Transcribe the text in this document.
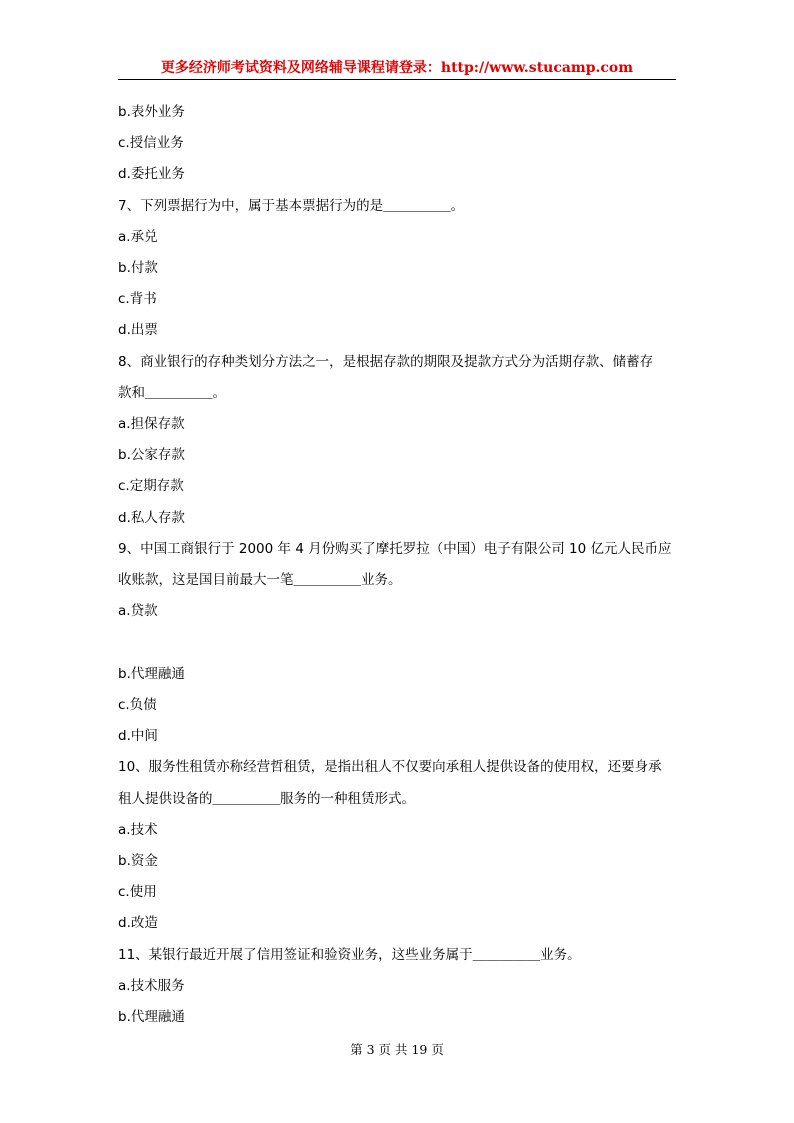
更多经济师考试资料及网络辅导课程请登录：http://www.stucamp.com
b.表外业务
c.授信业务
d.委托业务
7、下列票据行为中，属于基本票据行为的是＿＿＿＿＿。
a.承兑
b.付款
c.背书
d.出票
8、商业银行的存种类划分方法之一，是根据存款的期限及提款方式分为活期存款、储蓄存
款和＿＿＿＿＿。
a.担保存款
b.公家存款
c.定期存款
d.私人存款
9、中国工商银行于 2000 年 4 月份购买了摩托罗拉（中国）电子有限公司 10 亿元人民币应
收账款，这是国目前最大一笔＿＿＿＿＿业务。
a.贷款
b.代理融通
c.负债
d.中间
10、服务性租赁亦称经营哲租赁，是指出租人不仅要向承租人提供设备的使用权，还要身承
租人提供设备的＿＿＿＿＿服务的一种租赁形式。
a.技术
b.资金
c.使用
d.改造
11、某银行最近开展了信用签证和验资业务，这些业务属于＿＿＿＿＿业务。
a.技术服务
b.代理融通
第 3 页 共 19 页
